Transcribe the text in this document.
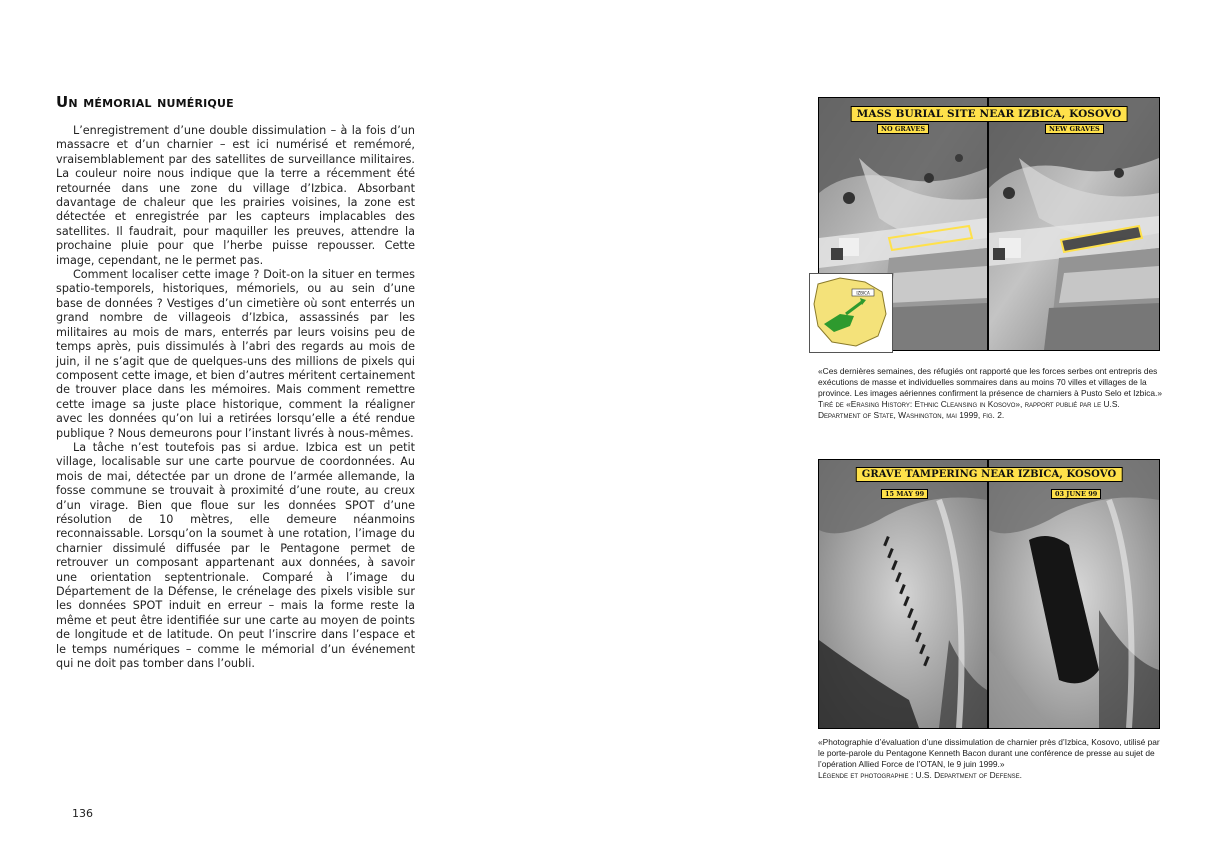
Un mémorial numérique

L’enregistrement d’une double dissimulation – à la fois d’un massacre et d’un charnier – est ici numérisé et remémoré, vraisemblablement par des satellites de surveillance militaires. La couleur noire nous indique que la terre a récemment été retournée dans une zone du village d’Izbica. Absorbant davantage de chaleur que les prairies voisines, la zone est détectée et enregistrée par les capteurs implacables des satellites. Il faudrait, pour maquiller les preuves, attendre la prochaine pluie pour que l’herbe puisse repousser. Cette image, cependant, ne le permet pas.

Comment localiser cette image ? Doit-on la situer en termes spatio-temporels, historiques, mémoriels, ou au sein d’une base de données ? Vestiges d’un cimetière où sont enterrés un grand nombre de villageois d’Izbica, assassinés par les militaires au mois de mars, enterrés par leurs voisins peu de temps après, puis dissimulés à l’abri des regards au mois de juin, il ne s’agit que de quelques-uns des millions de pixels qui composent cette image, et bien d’autres méritent certainement de trouver place dans les mémoires. Mais comment remettre cette image sa juste place historique, comment la réaligner avec les données qu’on lui a retirées lorsqu’elle a été rendue publique ? Nous demeurons pour l’instant livrés à nous-mêmes.

La tâche n’est toutefois pas si ardue. Izbica est un petit village, localisable sur une carte pourvue de coordonnées. Au mois de mai, détectée par un drone de l’armée allemande, la fosse commune se trouvait à proximité d’une route, au creux d’un virage. Bien que floue sur les données SPOT d’une résolution de 10 mètres, elle demeure néanmoins reconnaissable. Lorsqu’on la soumet à une rotation, l’image du charnier dissimulé diffusée par le Pentagone permet de retrouver un composant appartenant aux données, à savoir une orientation septentrionale. Comparé à l’image du Département de la Défense, le crénelage des pixels visible sur les données SPOT induit en erreur – mais la forme reste la même et peut être identifiée sur une carte au moyen de points de longitude et de latitude. On peut l’inscrire dans l’espace et le temps numériques – comme le mémorial d’un événement qui ne doit pas tomber dans l’oubli.

136
MASS BURIAL SITE NEAR IZBICA, KOSOVO
NO GRAVES	NEW GRAVES
IZBICA

«Ces dernières semaines, des réfugiés ont rapporté que les forces serbes ont entrepris des exécutions de masse et individuelles sommaires dans au moins 70 villes et villages de la province. Les images aériennes confirment la présence de charniers à Pusto Selo et Izbica.»

Tiré de «Erasing History: Ethnic Cleansing in Kosovo», rapport publié par le U.S. Department of State, Washington, mai 1999, fig. 2.

GRAVE TAMPERING NEAR IZBICA, KOSOVO
15 MAY 99	03 JUNE 99

«Photographie d’évaluation d’une dissimulation de charnier près d’Izbica, Kosovo, utilisé par le porte-parole du Pentagone Kenneth Bacon durant une conférence de presse au sujet de l’opération Allied Force de l’OTAN, le 9 juin 1999.»

Légende et photographie : U.S. Department of Defense.
